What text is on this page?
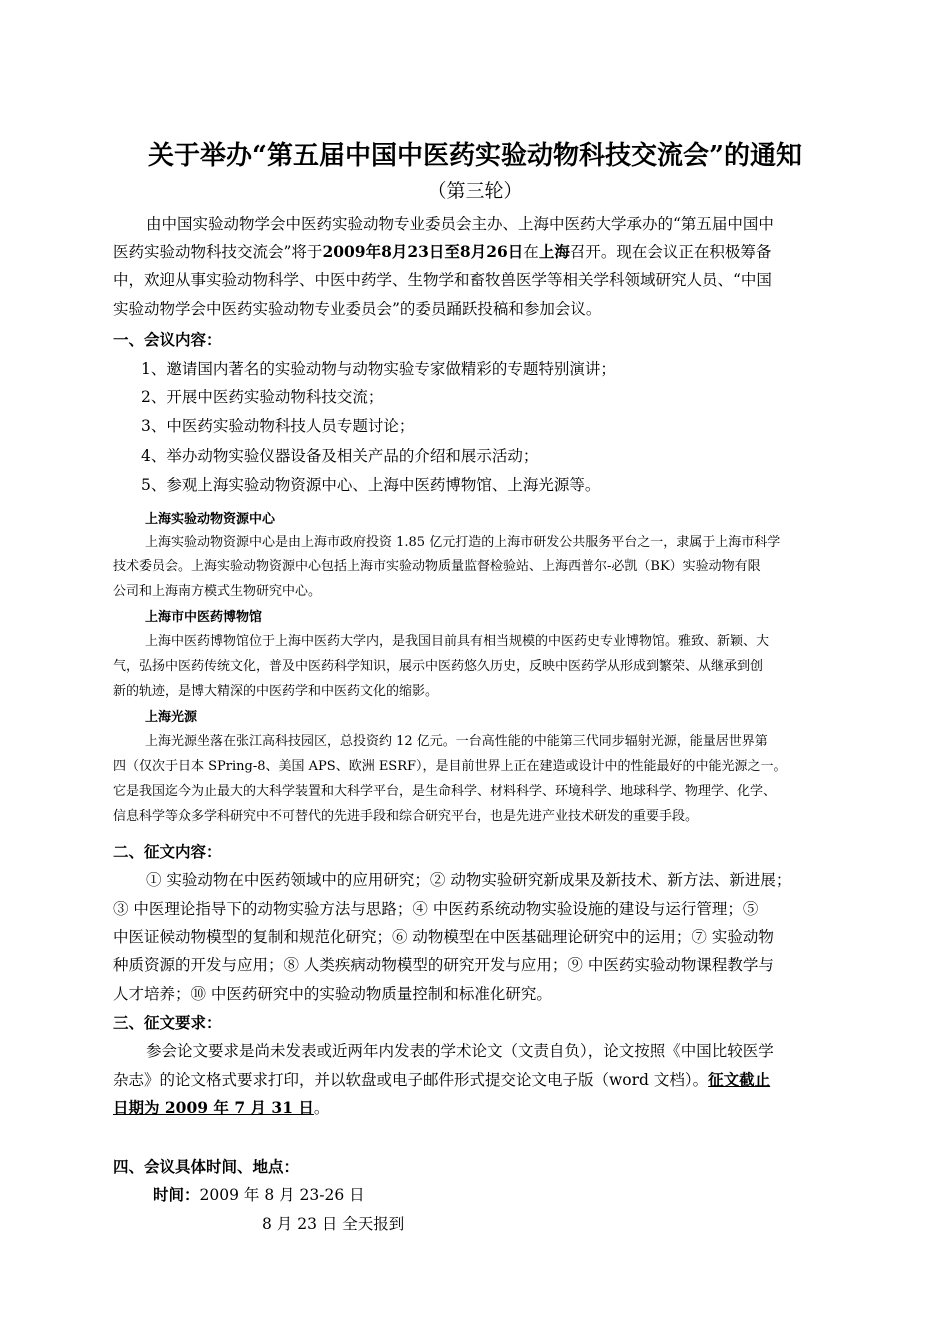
关于举办“第五届中国中医药实验动物科技交流会”的通知
（第三轮）
由中国实验动物学会中医药实验动物专业委员会主办、上海中医药大学承办的“第五届中国中
医药实验动物科技交流会”将于2009年8月23日至8月26日在上海召开。现在会议正在积极筹备
中，欢迎从事实验动物科学、中医中药学、生物学和畜牧兽医学等相关学科领域研究人员、“中国
实验动物学会中医药实验动物专业委员会”的委员踊跃投稿和参加会议。
一、会议内容：
1、邀请国内著名的实验动物与动物实验专家做精彩的专题特别演讲；
2、开展中医药实验动物科技交流；
3、中医药实验动物科技人员专题讨论；
4、举办动物实验仪器设备及相关产品的介绍和展示活动；
5、参观上海实验动物资源中心、上海中医药博物馆、上海光源等。
上海实验动物资源中心
上海实验动物资源中心是由上海市政府投资 1.85 亿元打造的上海市研发公共服务平台之一，隶属于上海市科学
技术委员会。上海实验动物资源中心包括上海市实验动物质量监督检验站、上海西普尔-必凯（BK）实验动物有限
公司和上海南方模式生物研究中心。
上海市中医药博物馆
上海中医药博物馆位于上海中医药大学内，是我国目前具有相当规模的中医药史专业博物馆。雅致、新颖、大
气，弘扬中医药传统文化，普及中医药科学知识，展示中医药悠久历史，反映中医药学从形成到繁荣、从继承到创
新的轨迹，是博大精深的中医药学和中医药文化的缩影。
上海光源
上海光源坐落在张江高科技园区，总投资约 12 亿元。一台高性能的中能第三代同步辐射光源，能量居世界第
四（仅次于日本 SPring-8、美国 APS、欧洲 ESRF），是目前世界上正在建造或设计中的性能最好的中能光源之一。
它是我国迄今为止最大的大科学装置和大科学平台，是生命科学、材料科学、环境科学、地球科学、物理学、化学、
信息科学等众多学科研究中不可替代的先进手段和综合研究平台，也是先进产业技术研发的重要手段。
二、征文内容：
① 实验动物在中医药领域中的应用研究；② 动物实验研究新成果及新技术、新方法、新进展；
③ 中医理论指导下的动物实验方法与思路；④ 中医药系统动物实验设施的建设与运行管理；⑤
中医证候动物模型的复制和规范化研究；⑥ 动物模型在中医基础理论研究中的运用；⑦ 实验动物
种质资源的开发与应用；⑧ 人类疾病动物模型的研究开发与应用；⑨ 中医药实验动物课程教学与
人才培养；⑩ 中医药研究中的实验动物质量控制和标准化研究。
三、征文要求：
参会论文要求是尚未发表或近两年内发表的学术论文（文责自负），论文按照《中国比较医学
杂志》的论文格式要求打印，并以软盘或电子邮件形式提交论文电子版（word 文档）。征文截止
日期为 2009 年 7 月 31 日。
四、会议具体时间、地点：
时间：2009 年 8 月 23-26 日
8 月 23 日 全天报到
